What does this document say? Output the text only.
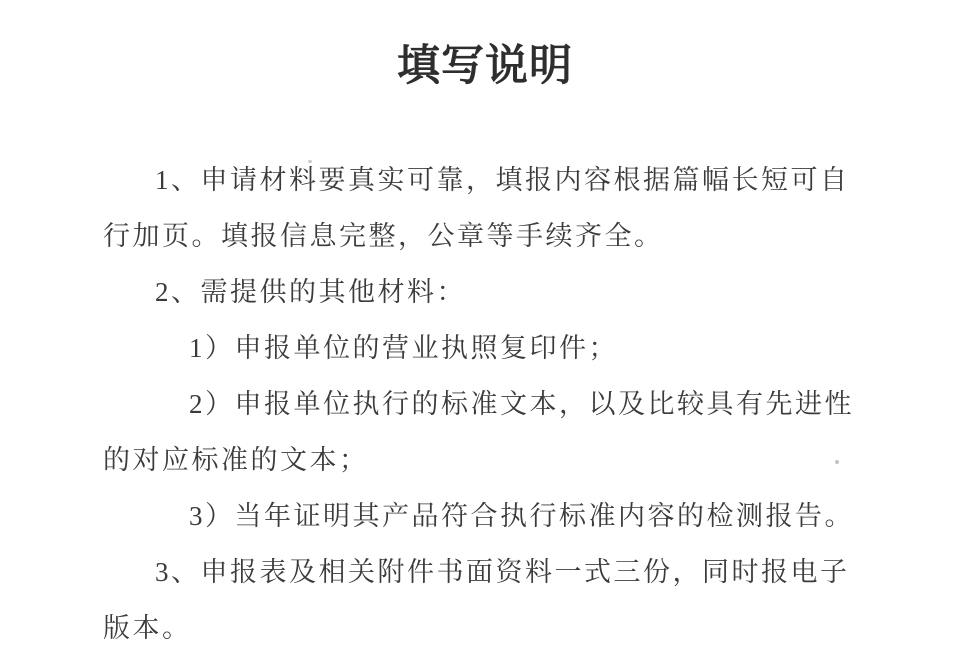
填写说明

1、申请材料要真实可靠，填报内容根据篇幅长短可自

行加页。填报信息完整，公章等手续齐全。

2、需提供的其他材料：

1）申报单位的营业执照复印件；

2）申报单位执行的标准文本，以及比较具有先进性

的对应标准的文本；

3）当年证明其产品符合执行标准内容的检测报告。

3、申报表及相关附件书面资料一式三份，同时报电子

版本。
